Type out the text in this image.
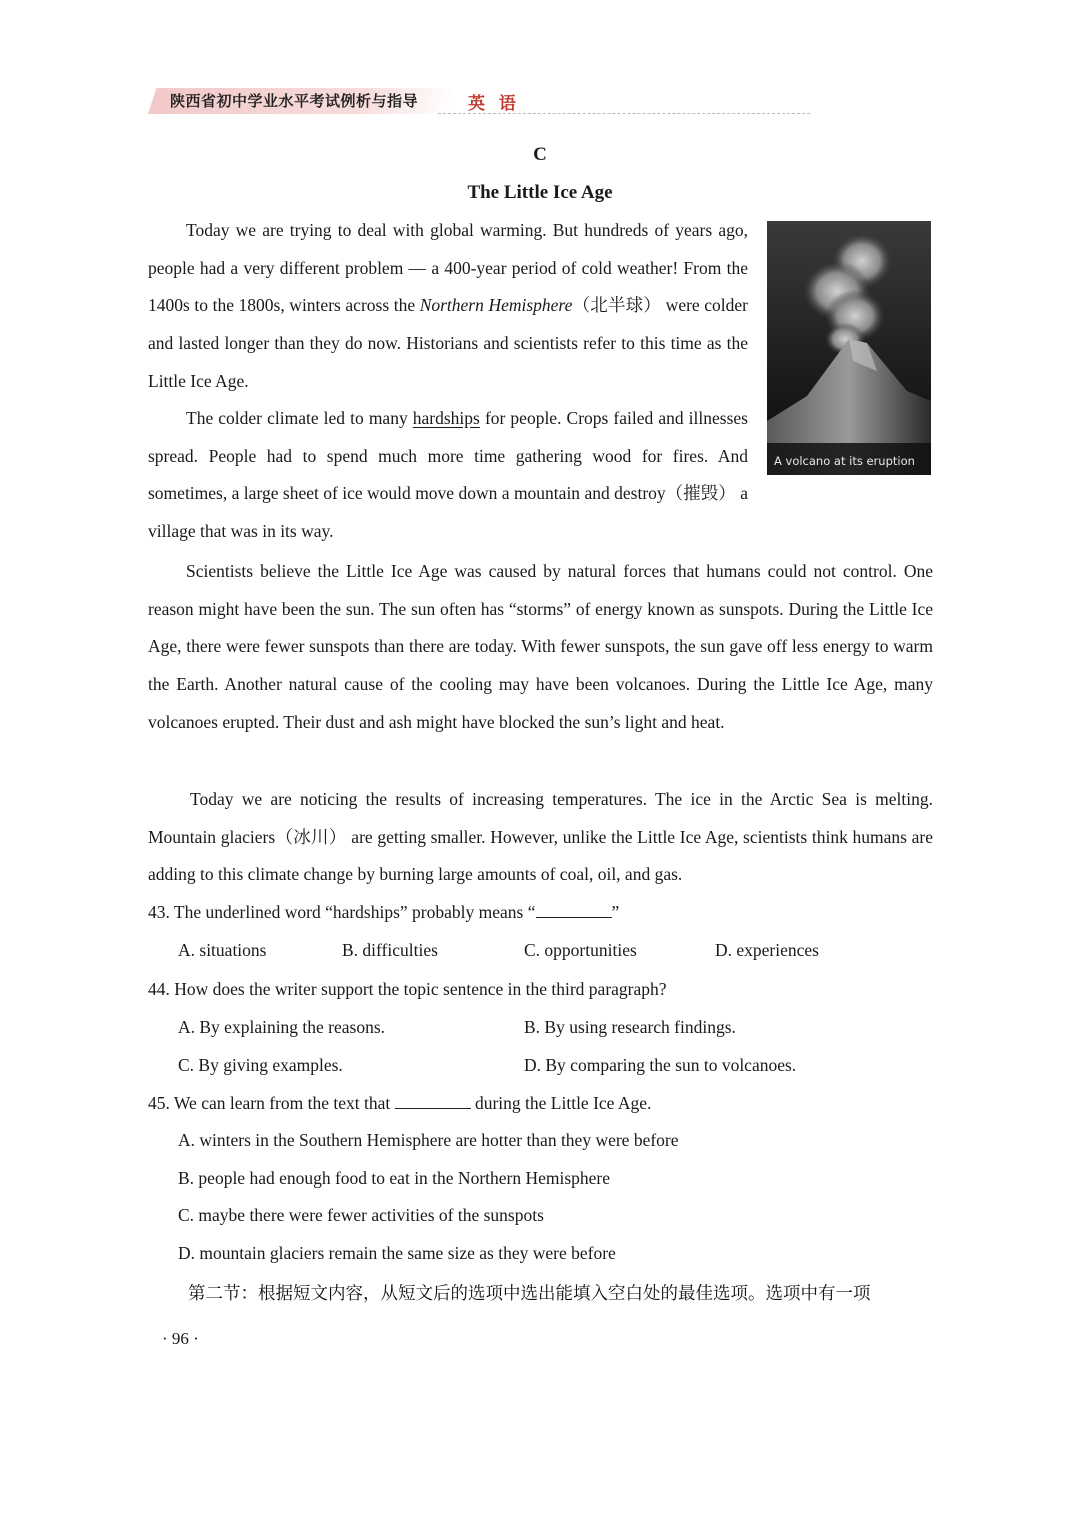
陕西省初中学业水平考试例析与指导	英 语
C
The Little Ice Age

Today we are trying to deal with global warming. But hundreds of years ago, people had a very different problem — a 400-year period of cold weather! From the 1400s to the 1800s, winters across the Northern Hemisphere（北半球） were colder and lasted longer than they do now. Historians and scientists refer to this time as the Little Ice Age.

The colder climate led to many hardships for people. Crops failed and illnesses spread. People had to spend much more time gathering wood for fires. And sometimes, a large sheet of ice would move down a mountain and destroy（摧毁） a village that was in its way.

A volcano at its eruption

Scientists believe the Little Ice Age was caused by natural forces that humans could not control. One reason might have been the sun. The sun often has “storms” of energy known as sunspots. During the Little Ice Age, there were fewer sunspots than there are today. With fewer sunspots, the sun gave off less energy to warm the Earth. Another natural cause of the cooling may have been volcanoes. During the Little Ice Age, many volcanoes erupted. Their dust and ash might have blocked the sun’s light and heat.

Today we are noticing the results of increasing temperatures. The ice in the Arctic Sea is melting. Mountain glaciers（冰川） are getting smaller. However, unlike the Little Ice Age, scientists think humans are adding to this climate change by burning large amounts of coal, oil, and gas.

43. The underlined word “hardships” probably means “	”
A. situations	B. difficulties	C. opportunities	D. experiences
44. How does the writer support the topic sentence in the third paragraph?
A. By explaining the reasons.	B. By using research findings.
C. By giving examples.	D. By comparing the sun to volcanoes.
45. We can learn from the text that	during the Little Ice Age.
A. winters in the Southern Hemisphere are hotter than they were before
B. people had enough food to eat in the Northern Hemisphere
C. maybe there were fewer activities of the sunspots
D. mountain glaciers remain the same size as they were before
第二节：根据短文内容，从短文后的选项中选出能填入空白处的最佳选项。选项中有一项
· 96 ·
